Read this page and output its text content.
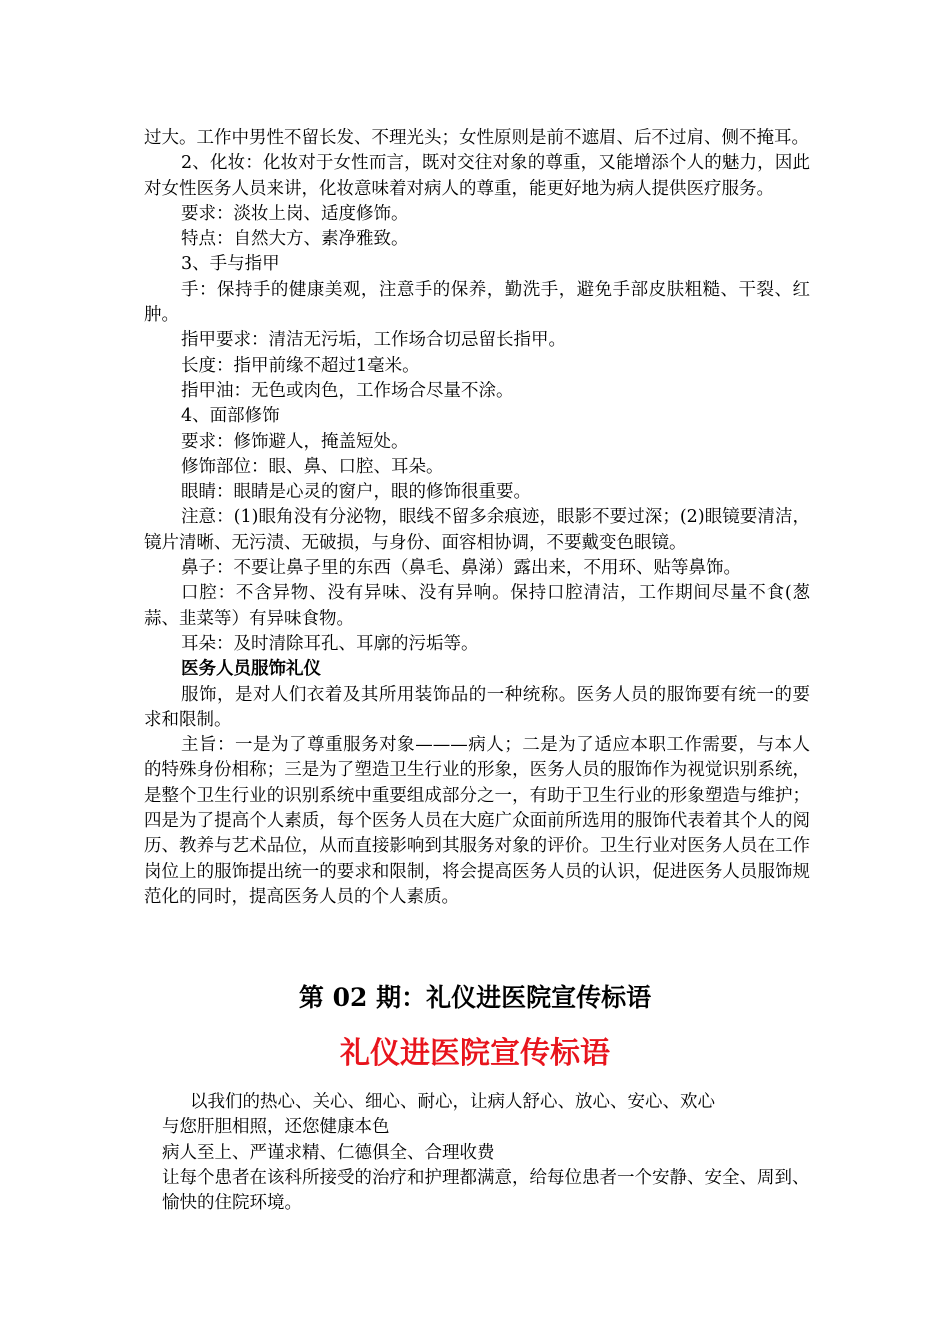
过大。工作中男性不留长发、不理光头；女性原则是前不遮眉、后不过肩、侧不掩耳。

2、化妆：化妆对于女性而言，既对交往对象的尊重，又能增添个人的魅力，因此对女性医务人员来讲，化妆意味着对病人的尊重，能更好地为病人提供医疗服务。

要求：淡妆上岗、适度修饰。

特点：自然大方、素净雅致。

3、手与指甲

手：保持手的健康美观，注意手的保养，勤洗手，避免手部皮肤粗糙、干裂、红肿。

指甲要求：清洁无污垢，工作场合切忌留长指甲。

长度：指甲前缘不超过1毫米。

指甲油：无色或肉色，工作场合尽量不涂。

4、面部修饰

要求：修饰避人，掩盖短处。

修饰部位：眼、鼻、口腔、耳朵。

眼睛：眼睛是心灵的窗户，眼的修饰很重要。

注意：(1)眼角没有分泌物，眼线不留多余痕迹，眼影不要过深；(2)眼镜要清洁，镜片清晰、无污渍、无破损，与身份、面容相协调，不要戴变色眼镜。

鼻子：不要让鼻子里的东西（鼻毛、鼻涕）露出来，不用环、贴等鼻饰。

口腔：不含异物、没有异味、没有异响。保持口腔清洁，工作期间尽量不食(葱蒜、韭菜等）有异味食物。

耳朵：及时清除耳孔、耳廓的污垢等。

医务人员服饰礼仪

服饰，是对人们衣着及其所用装饰品的一种统称。医务人员的服饰要有统一的要求和限制。

主旨：一是为了尊重服务对象———病人；二是为了适应本职工作需要，与本人的特殊身份相称；三是为了塑造卫生行业的形象，医务人员的服饰作为视觉识别系统，是整个卫生行业的识别系统中重要组成部分之一，有助于卫生行业的形象塑造与维护；四是为了提高个人素质，每个医务人员在大庭广众面前所选用的服饰代表着其个人的阅历、教养与艺术品位，从而直接影响到其服务对象的评价。卫生行业对医务人员在工作岗位上的服饰提出统一的要求和限制，将会提高医务人员的认识，促进医务人员服饰规范化的同时，提高医务人员的个人素质。

第 02 期：礼仪进医院宣传标语
礼仪进医院宣传标语

以我们的热心、关心、细心、耐心，让病人舒心、放心、安心、欢心

与您肝胆相照，还您健康本色

病人至上、严谨求精、仁德俱全、合理收费

让每个患者在该科所接受的治疗和护理都满意，给每位患者一个安静、安全、周到、愉快的住院环境。
